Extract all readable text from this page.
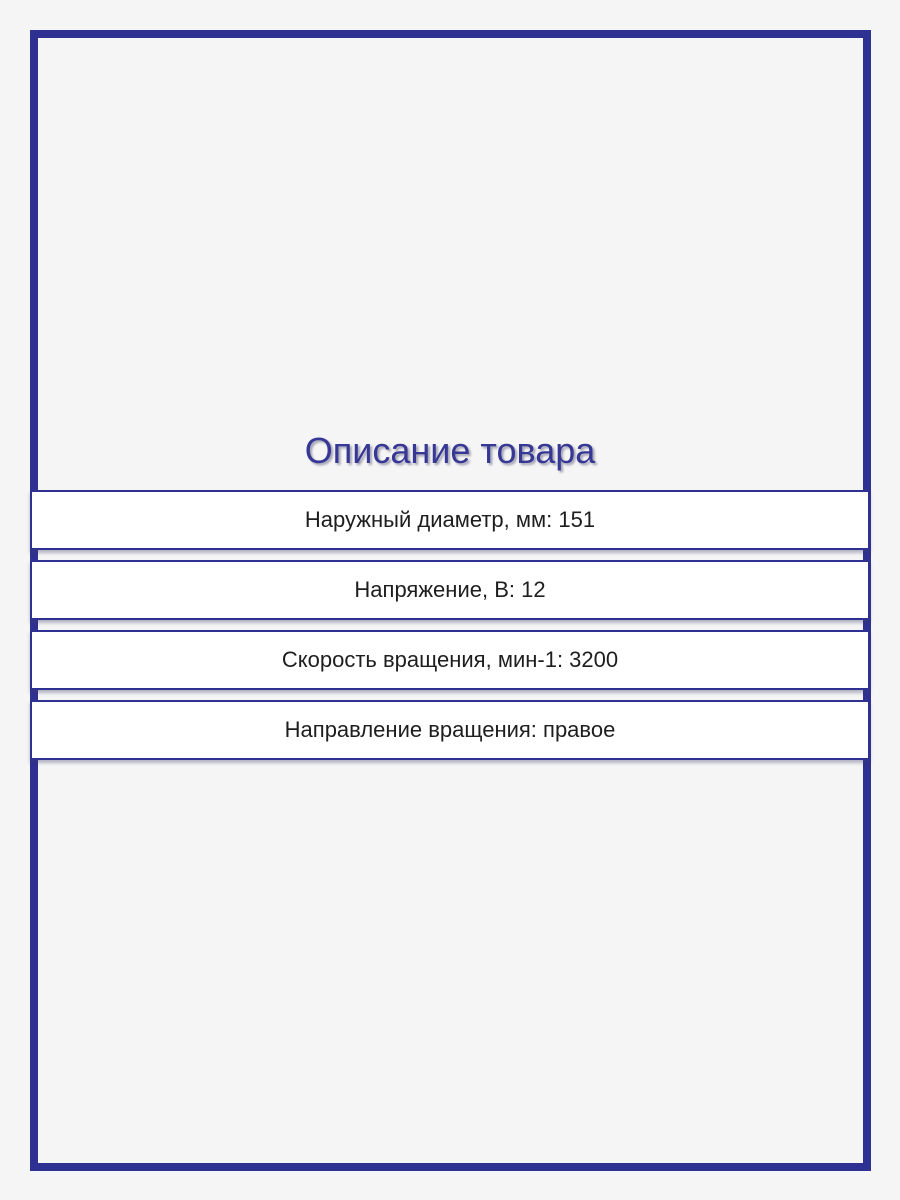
Описание товара
Наружный диаметр, мм: 151
Напряжение, В: 12
Скорость вращения, мин-1: 3200
Направление вращения: правое
